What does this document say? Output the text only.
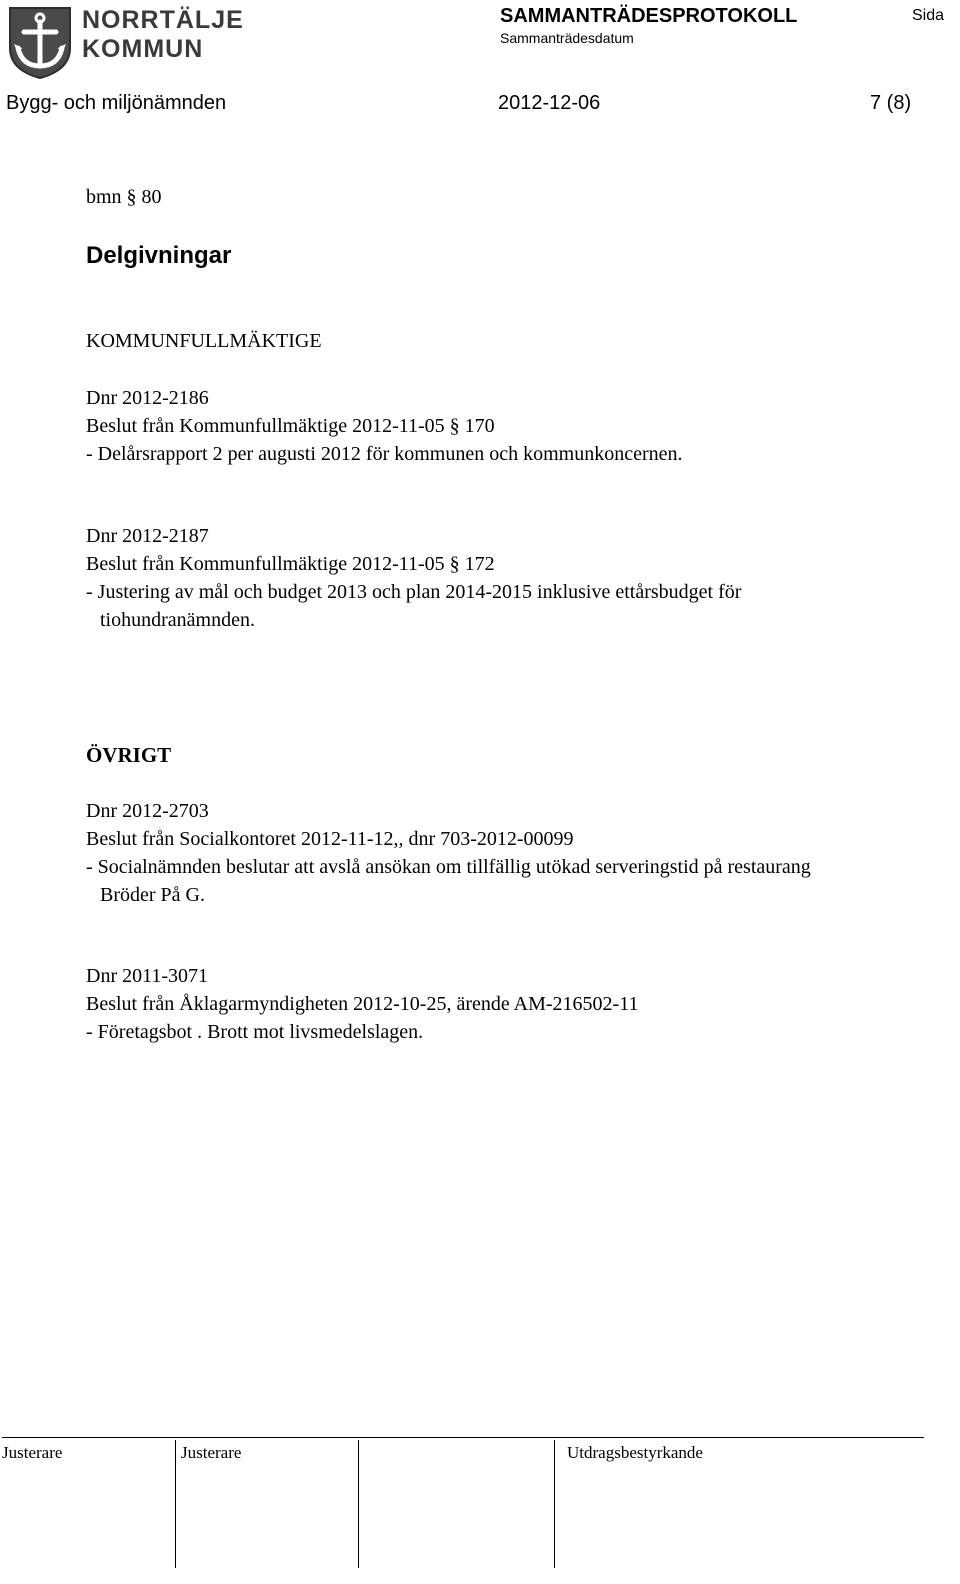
NORRTÄLJE
KOMMUN
SAMMANTRÄDESPROTOKOLL
Sammanträdesdatum
Sida
Bygg- och miljönämnden	2012-12-06	7 (8)
bmn § 80
Delgivningar
KOMMUNFULLMÄKTIGE
Dnr 2012-2186
Beslut från Kommunfullmäktige 2012-11-05 § 170
- Delårsrapport 2 per augusti 2012 för kommunen och kommunkoncernen.
Dnr 2012-2187
Beslut från Kommunfullmäktige 2012-11-05 § 172
- Justering av mål och budget 2013 och plan 2014-2015 inklusive ettårsbudget för
tiohundranämnden.
ÖVRIGT
Dnr 2012-2703
Beslut från Socialkontoret 2012-11-12,, dnr 703-2012-00099
- Socialnämnden beslutar att avslå ansökan om tillfällig utökad serveringstid på restaurang
Bröder På G.
Dnr 2011-3071
Beslut från Åklagarmyndigheten 2012-10-25, ärende AM-216502-11
- Företagsbot . Brott mot livsmedelslagen.
Justerare	Justerare	Utdragsbestyrkande
